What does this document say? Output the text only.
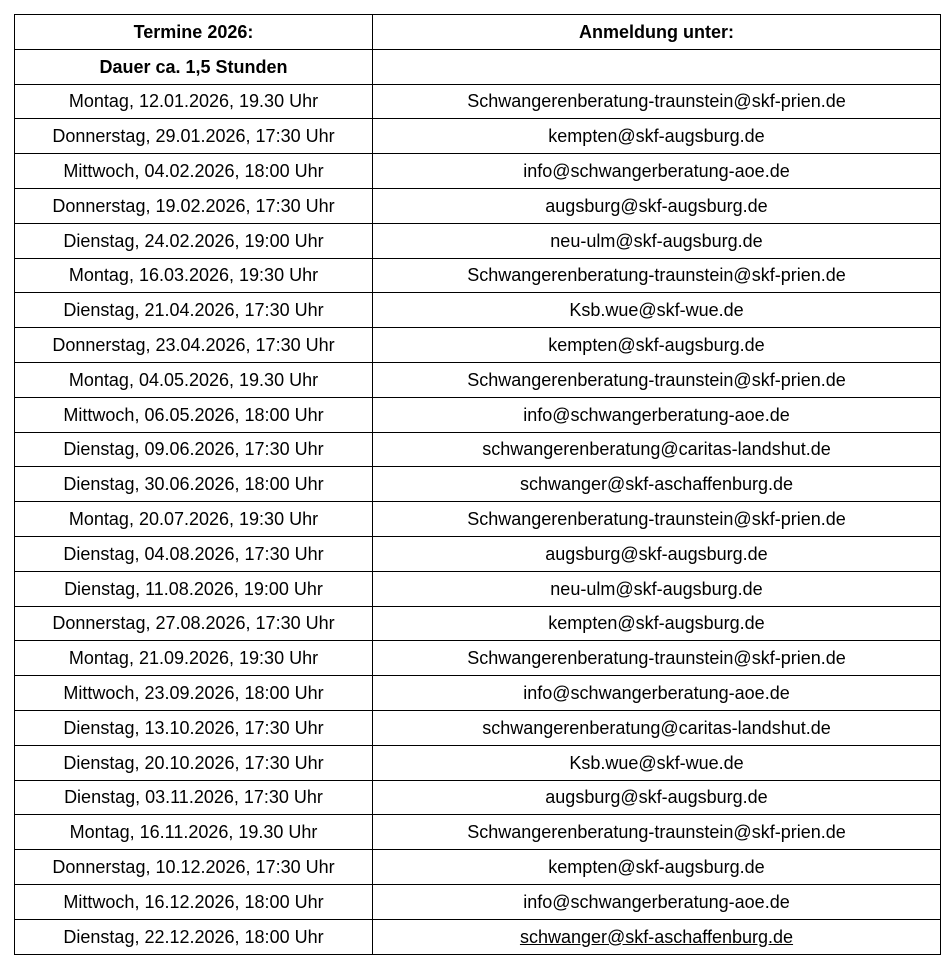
Termine 2026:	Anmeldung unter:
Dauer ca. 1,5 Stunden	
Montag, 12.01.2026, 19.30 Uhr	Schwangerenberatung-traunstein@skf-prien.de
Donnerstag, 29.01.2026, 17:30 Uhr	kempten@skf-augsburg.de
Mittwoch, 04.02.2026, 18:00 Uhr	info@schwangerberatung-aoe.de
Donnerstag, 19.02.2026, 17:30 Uhr	augsburg@skf-augsburg.de
Dienstag, 24.02.2026, 19:00 Uhr	neu-ulm@skf-augsburg.de
Montag, 16.03.2026, 19:30 Uhr	Schwangerenberatung-traunstein@skf-prien.de
Dienstag, 21.04.2026, 17:30 Uhr	Ksb.wue@skf-wue.de
Donnerstag, 23.04.2026, 17:30 Uhr	kempten@skf-augsburg.de
Montag, 04.05.2026, 19.30 Uhr	Schwangerenberatung-traunstein@skf-prien.de
Mittwoch, 06.05.2026, 18:00 Uhr	info@schwangerberatung-aoe.de
Dienstag, 09.06.2026, 17:30 Uhr	schwangerenberatung@caritas-landshut.de
Dienstag, 30.06.2026, 18:00 Uhr	schwanger@skf-aschaffenburg.de
Montag, 20.07.2026, 19:30 Uhr	Schwangerenberatung-traunstein@skf-prien.de
Dienstag, 04.08.2026, 17:30 Uhr	augsburg@skf-augsburg.de
Dienstag, 11.08.2026, 19:00 Uhr	neu-ulm@skf-augsburg.de
Donnerstag, 27.08.2026, 17:30 Uhr	kempten@skf-augsburg.de
Montag, 21.09.2026, 19:30 Uhr	Schwangerenberatung-traunstein@skf-prien.de
Mittwoch, 23.09.2026, 18:00 Uhr	info@schwangerberatung-aoe.de
Dienstag, 13.10.2026, 17:30 Uhr	schwangerenberatung@caritas-landshut.de
Dienstag, 20.10.2026, 17:30 Uhr	Ksb.wue@skf-wue.de
Dienstag, 03.11.2026, 17:30 Uhr	augsburg@skf-augsburg.de
Montag, 16.11.2026, 19.30 Uhr	Schwangerenberatung-traunstein@skf-prien.de
Donnerstag, 10.12.2026, 17:30 Uhr	kempten@skf-augsburg.de
Mittwoch, 16.12.2026, 18:00 Uhr	info@schwangerberatung-aoe.de
Dienstag, 22.12.2026, 18:00 Uhr	schwanger@skf-aschaffenburg.de
